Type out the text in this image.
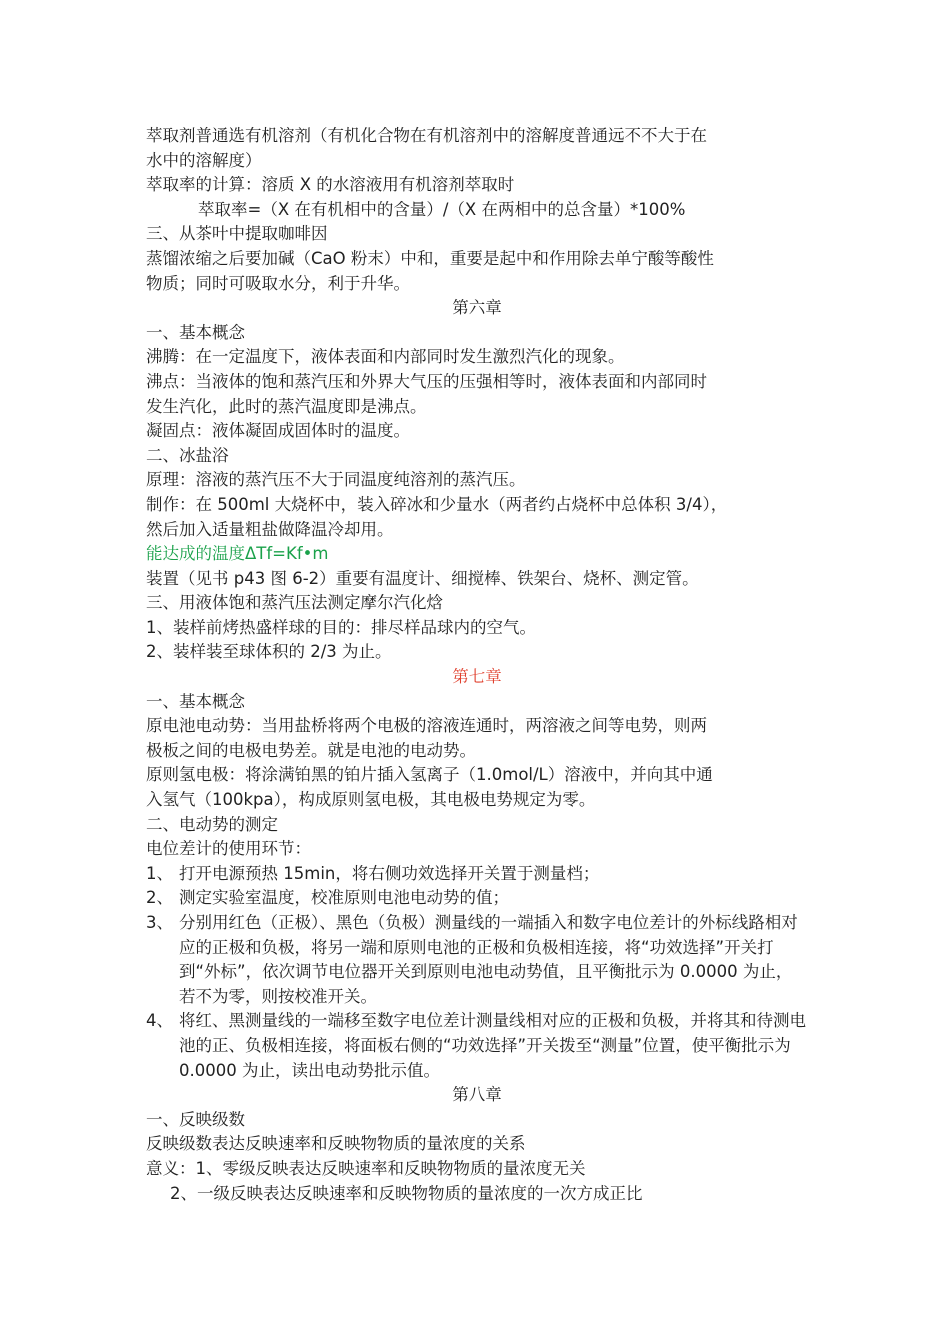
萃取剂普通选有机溶剂（有机化合物在有机溶剂中的溶解度普通远不不大于在
水中的溶解度）
萃取率的计算：溶质 X 的水溶液用有机溶剂萃取时
萃取率=（X 在有机相中的含量）/（X 在两相中的总含量）*100%
三、从茶叶中提取咖啡因
蒸馏浓缩之后要加碱（CaO 粉末）中和，重要是起中和作用除去单宁酸等酸性
物质；同时可吸取水分，利于升华。
第六章
一、基本概念
沸腾：在一定温度下，液体表面和内部同时发生激烈汽化的现象。
沸点：当液体的饱和蒸汽压和外界大气压的压强相等时，液体表面和内部同时
发生汽化，此时的蒸汽温度即是沸点。
凝固点：液体凝固成固体时的温度。
二、冰盐浴
原理：溶液的蒸汽压不大于同温度纯溶剂的蒸汽压。
制作：在 500ml 大烧杯中，装入碎冰和少量水（两者约占烧杯中总体积 3/4），
然后加入适量粗盐做降温冷却用。
能达成的温度ΔTf=Kf•m
装置（见书 p43 图 6-2）重要有温度计、细搅棒、铁架台、烧杯、测定管。
三、用液体饱和蒸汽压法测定摩尔汽化焓
1、装样前烤热盛样球的目的：排尽样品球内的空气。
2、装样装至球体积的 2/3 为止。
第七章
一、基本概念
原电池电动势：当用盐桥将两个电极的溶液连通时，两溶液之间等电势，则两
极板之间的电极电势差。就是电池的电动势。
原则氢电极：将涂满铂黑的铂片插入氢离子（1.0mol/L）溶液中，并向其中通
入氢气（100kpa），构成原则氢电极，其电极电势规定为零。
二、电动势的测定
电位差计的使用环节：
1、 打开电源预热 15min，将右侧功效选择开关置于测量档；
2、 测定实验室温度，校准原则电池电动势的值；
3、 分别用红色（正极）、黑色（负极）测量线的一端插入和数字电位差计的外标线路相对应的正极和负极，将另一端和原则电池的正极和负极相连接，将“功效选择”开关打到“外标”，依次调节电位器开关到原则电池电动势值，且平衡批示为 0.0000 为止，若不为零，则按校准开关。
4、 将红、黑测量线的一端移至数字电位差计测量线相对应的正极和负极，并将其和待测电池的正、负极相连接，将面板右侧的“功效选择”开关拨至“测量”位置，使平衡批示为 0.0000 为止，读出电动势批示值。
第八章
一、反映级数
反映级数表达反映速率和反映物物质的量浓度的关系
意义：1、零级反映表达反映速率和反映物物质的量浓度无关
2、一级反映表达反映速率和反映物物质的量浓度的一次方成正比
